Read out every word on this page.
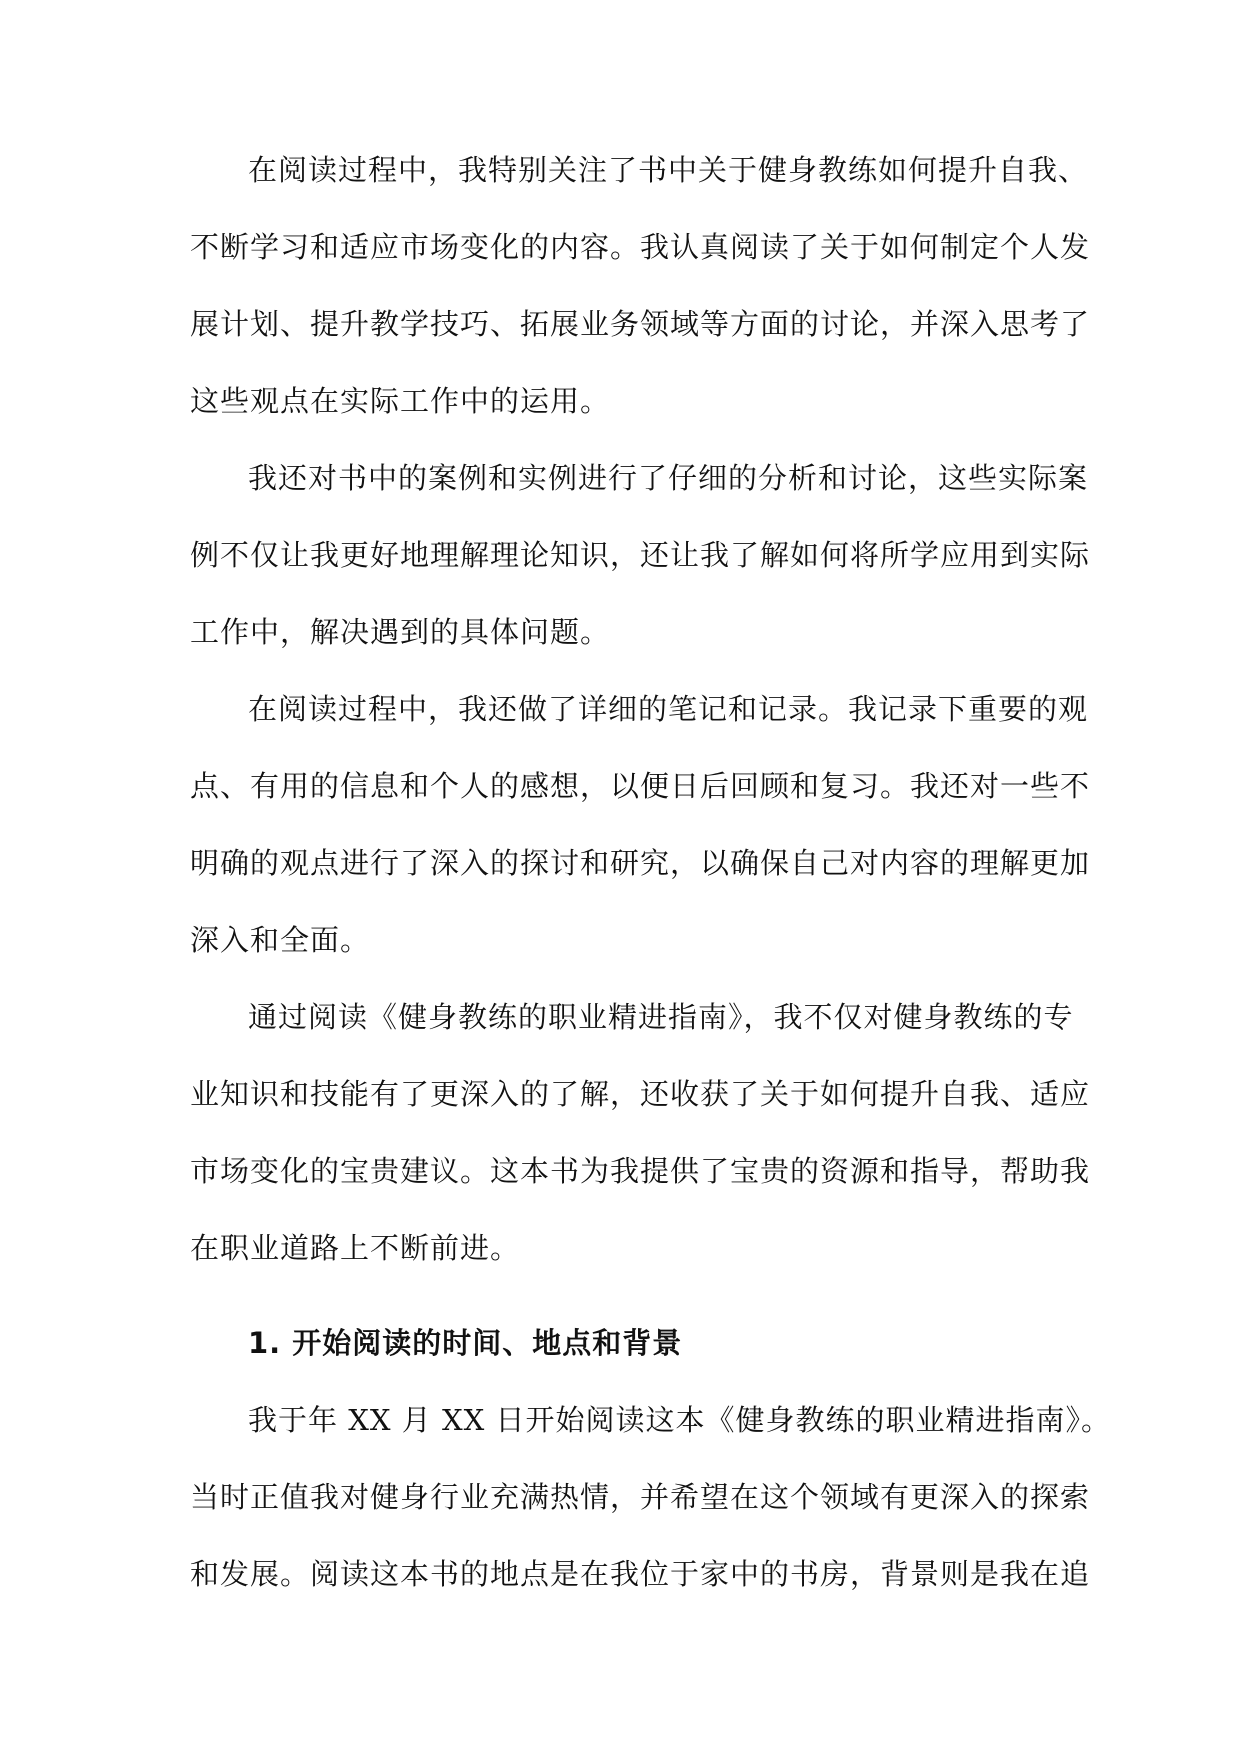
在阅读过程中，我特别关注了书中关于健身教练如何提升自我、
不断学习和适应市场变化的内容。我认真阅读了关于如何制定个人发
展计划、提升教学技巧、拓展业务领域等方面的讨论，并深入思考了
这些观点在实际工作中的运用。
我还对书中的案例和实例进行了仔细的分析和讨论，这些实际案
例不仅让我更好地理解理论知识，还让我了解如何将所学应用到实际
工作中，解决遇到的具体问题。
在阅读过程中，我还做了详细的笔记和记录。我记录下重要的观
点、有用的信息和个人的感想，以便日后回顾和复习。我还对一些不
明确的观点进行了深入的探讨和研究，以确保自己对内容的理解更加
深入和全面。
通过阅读《健身教练的职业精进指南》，我不仅对健身教练的专
业知识和技能有了更深入的了解，还收获了关于如何提升自我、适应
市场变化的宝贵建议。这本书为我提供了宝贵的资源和指导，帮助我
在职业道路上不断前进。
1. 开始阅读的时间、地点和背景
我于年 XX 月 XX 日开始阅读这本《健身教练的职业精进指南》。
当时正值我对健身行业充满热情，并希望在这个领域有更深入的探索
和发展。阅读这本书的地点是在我位于家中的书房，背景则是我在追
